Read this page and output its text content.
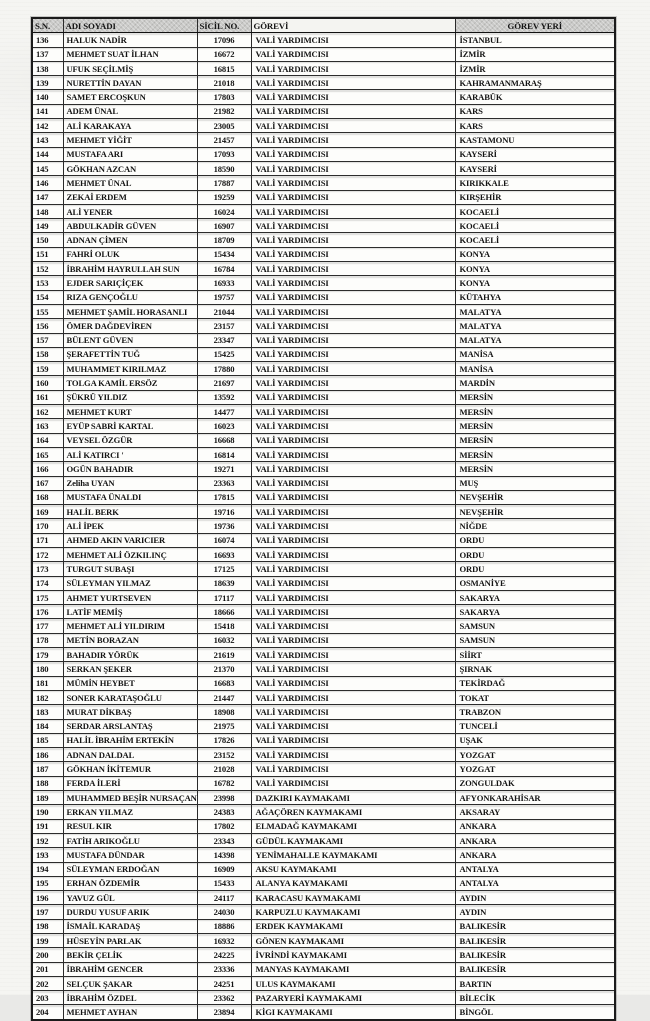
S.N.	ADI SOYADI	SİCİL NO.	GÖREVİ	GÖREV YERİ
136	HALUK NADİR	17096	VALİ YARDIMCISI	İSTANBUL
137	MEHMET SUAT İLHAN	16672	VALİ YARDIMCISI	İZMİR
138	UFUK SEÇİLMİŞ	16815	VALİ YARDIMCISI	İZMİR
139	NURETTİN DAYAN	21018	VALİ YARDIMCISI	KAHRAMANMARAŞ
140	SAMET ERCOŞKUN	17803	VALİ YARDIMCISI	KARABÜK
141	ADEM ÜNAL	21982	VALİ YARDIMCISI	KARS
142	ALİ KARAKAYA	23005	VALİ YARDIMCISI	KARS
143	MEHMET YİĞİT	21457	VALİ YARDIMCISI	KASTAMONU
144	MUSTAFA ARI	17093	VALİ YARDIMCISI	KAYSERİ
145	GÖKHAN AZCAN	18590	VALİ YARDIMCISI	KAYSERİ
146	MEHMET ÜNAL	17887	VALİ YARDIMCISI	KIRIKKALE
147	ZEKAİ ERDEM	19259	VALİ YARDIMCISI	KIRŞEHİR
148	ALİ YENER	16024	VALİ YARDIMCISI	KOCAELİ
149	ABDULKADİR GÜVEN	16907	VALİ YARDIMCISI	KOCAELİ
150	ADNAN ÇİMEN	18709	VALİ YARDIMCISI	KOCAELİ
151	FAHRİ OLUK	15434	VALİ YARDIMCISI	KONYA
152	İBRAHİM HAYRULLAH SUN	16784	VALİ YARDIMCISI	KONYA
153	EJDER SARIÇİÇEK	16933	VALİ YARDIMCISI	KONYA
154	RIZA GENÇOĞLU	19757	VALİ YARDIMCISI	KÜTAHYA
155	MEHMET ŞAMİL HORASANLI	21044	VALİ YARDIMCISI	MALATYA
156	ÖMER DAĞDEVİREN	23157	VALİ YARDIMCISI	MALATYA
157	BÜLENT GÜVEN	23347	VALİ YARDIMCISI	MALATYA
158	ŞERAFETTİN TUĞ	15425	VALİ YARDIMCISI	MANİSA
159	MUHAMMET KIRILMAZ	17880	VALİ YARDIMCISI	MANİSA
160	TOLGA KAMİL ERSÖZ	21697	VALİ YARDIMCISI	MARDİN
161	ŞÜKRÜ YILDIZ	13592	VALİ YARDIMCISI	MERSİN
162	MEHMET KURT	14477	VALİ YARDIMCISI	MERSİN
163	EYÜP SABRİ KARTAL	16023	VALİ YARDIMCISI	MERSİN
164	VEYSEL ÖZGÜR	16668	VALİ YARDIMCISI	MERSİN
165	ALİ KATIRCI '	16814	VALİ YARDIMCISI	MERSİN
166	OGÜN BAHADIR	19271	VALİ YARDIMCISI	MERSİN
167	Zeliha UYAN	23363	VALİ YARDIMCISI	MUŞ
168	MUSTAFA ÜNALDI	17815	VALİ YARDIMCISI	NEVŞEHİR
169	HALİL BERK	19716	VALİ YARDIMCISI	NEVŞEHİR
170	ALİ İPEK	19736	VALİ YARDIMCISI	NİĞDE
171	AHMED AKIN VARICIER	16074	VALİ YARDIMCISI	ORDU
172	MEHMET ALİ ÖZKILINÇ	16693	VALİ YARDIMCISI	ORDU
173	TURGUT SUBAŞI	17125	VALİ YARDIMCISI	ORDU
174	SÜLEYMAN YILMAZ	18639	VALİ YARDIMCISI	OSMANİYE
175	AHMET YURTSEVEN	17117	VALİ YARDIMCISI	SAKARYA
176	LATİF MEMİŞ	18666	VALİ YARDIMCISI	SAKARYA
177	MEHMET ALİ YILDIRIM	15418	VALİ YARDIMCISI	SAMSUN
178	METİN BORAZAN	16032	VALİ YARDIMCISI	SAMSUN
179	BAHADIR YÖRÜK	21619	VALİ YARDIMCISI	SİİRT
180	SERKAN ŞEKER	21370	VALİ YARDIMCISI	ŞIRNAK
181	MÜMİN HEYBET	16683	VALİ YARDIMCISI	TEKİRDAĞ
182	SONER KARATAŞOĞLU	21447	VALİ YARDIMCISI	TOKAT
183	MURAT DİKBAŞ	18908	VALİ YARDIMCISI	TRABZON
184	SERDAR ARSLANTAŞ	21975	VALİ YARDIMCISI	TUNCELİ
185	HALİL İBRAHİM ERTEKİN	17826	VALİ YARDIMCISI	UŞAK
186	ADNAN DALDAL	23152	VALİ YARDIMCISI	YOZGAT
187	GÖKHAN İKİTEMUR	21028	VALİ YARDIMCISI	YOZGAT
188	FERDA İLERİ	16782	VALİ YARDIMCISI	ZONGULDAK
189	MUHAMMED BEŞİR NURSAÇAN	23998	DAZKIRI KAYMAKAMI	AFYONKARAHİSAR
190	ERKAN YILMAZ	24383	AĞAÇÖREN KAYMAKAMI	AKSARAY
191	RESUL KIR	17802	ELMADAĞ KAYMAKAMI	ANKARA
192	FATİH ARIKOĞLU	23343	GÜDÜL KAYMAKAMI	ANKARA
193	MUSTAFA DÜNDAR	14398	YENİMAHALLE KAYMAKAMI	ANKARA
194	SÜLEYMAN ERDOĞAN	16909	AKSU KAYMAKAMI	ANTALYA
195	ERHAN ÖZDEMİR	15433	ALANYA KAYMAKAMI	ANTALYA
196	YAVUZ GÜL	24117	KARACASU KAYMAKAMI	AYDIN
197	DURDU YUSUF ARIK	24030	KARPUZLU KAYMAKAMI	AYDIN
198	İSMAİL KARADAŞ	18886	ERDEK KAYMAKAMI	BALIKESİR
199	HÜSEYİN PARLAK	16932	GÖNEN KAYMAKAMI	BALIKESİR
200	BEKİR ÇELİK	24225	İVRİNDİ KAYMAKAMI	BALIKESİR
201	İBRAHİM GENCER	23336	MANYAS KAYMAKAMI	BALIKESİR
202	SELÇUK ŞAKAR	24251	ULUS KAYMAKAMI	BARTIN
203	İBRAHİM ÖZDEL	23362	PAZARYERİ KAYMAKAMI	BİLECİK
204	MEHMET AYHAN	23894	KİGI KAYMAKAMI	BİNGÖL
